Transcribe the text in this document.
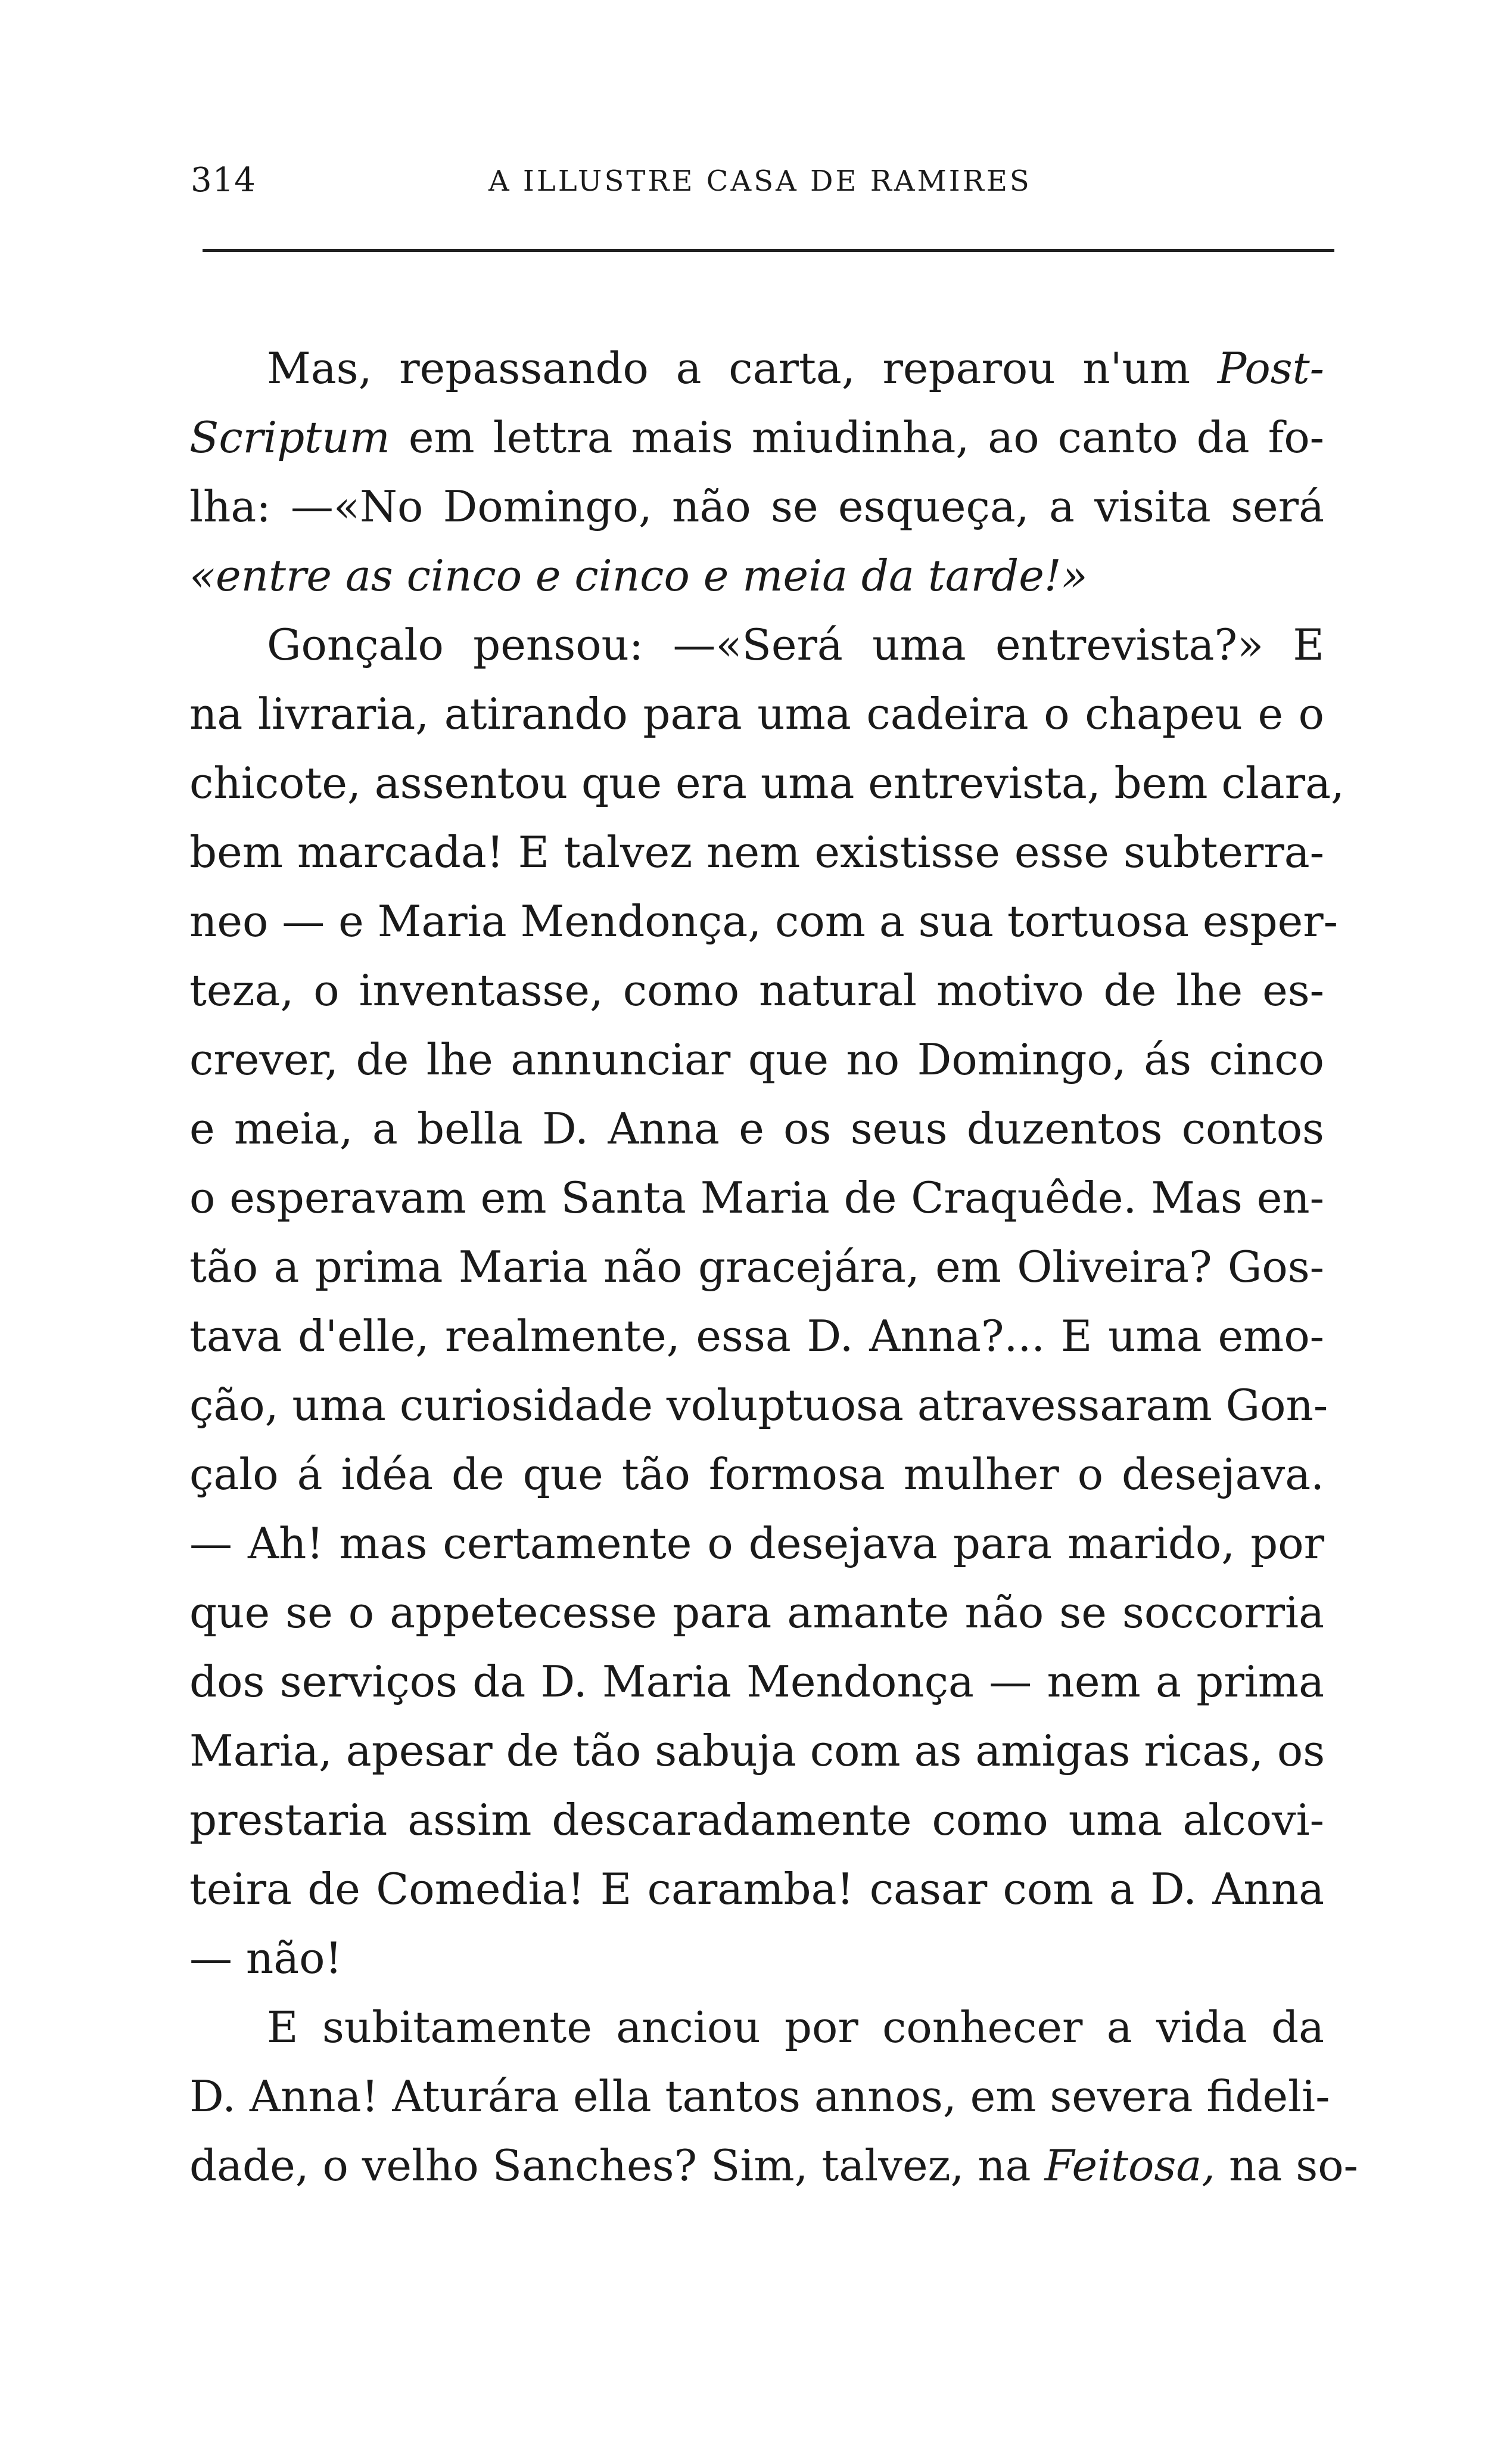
314	A ILLUSTRE CASA DE RAMIRES
Mas, repassando a carta, reparou n'um Post-
Scriptum em lettra mais miudinha, ao canto da fo-
lha: —«No Domingo, não se esqueça, a visita será
«entre as cinco e cinco e meia da tarde!»
Gonçalo pensou: —«Será uma entrevista?» E
na livraria, atirando para uma cadeira o chapeu e o
chicote, assentou que era uma entrevista, bem clara,
bem marcada! E talvez nem existisse esse subterra-
neo — e Maria Mendonça, com a sua tortuosa esper-
teza, o inventasse, como natural motivo de lhe es-
crever, de lhe annunciar que no Domingo, ás cinco
e meia, a bella D. Anna e os seus duzentos contos
o esperavam em Santa Maria de Craquêde. Mas en-
tão a prima Maria não gracejára, em Oliveira? Gos-
tava d'elle, realmente, essa D. Anna?... E uma emo-
ção, uma curiosidade voluptuosa atravessaram Gon-
çalo á idéa de que tão formosa mulher o desejava.
— Ah! mas certamente o desejava para marido, por
que se o appetecesse para amante não se soccorria
dos serviços da D. Maria Mendonça — nem a prima
Maria, apesar de tão sabuja com as amigas ricas, os
prestaria assim descaradamente como uma alcovi-
teira de Comedia! E caramba! casar com a D. Anna
— não!
E subitamente anciou por conhecer a vida da
D. Anna! Aturára ella tantos annos, em severa fideli-
dade, o velho Sanches? Sim, talvez, na Feitosa, na so-
